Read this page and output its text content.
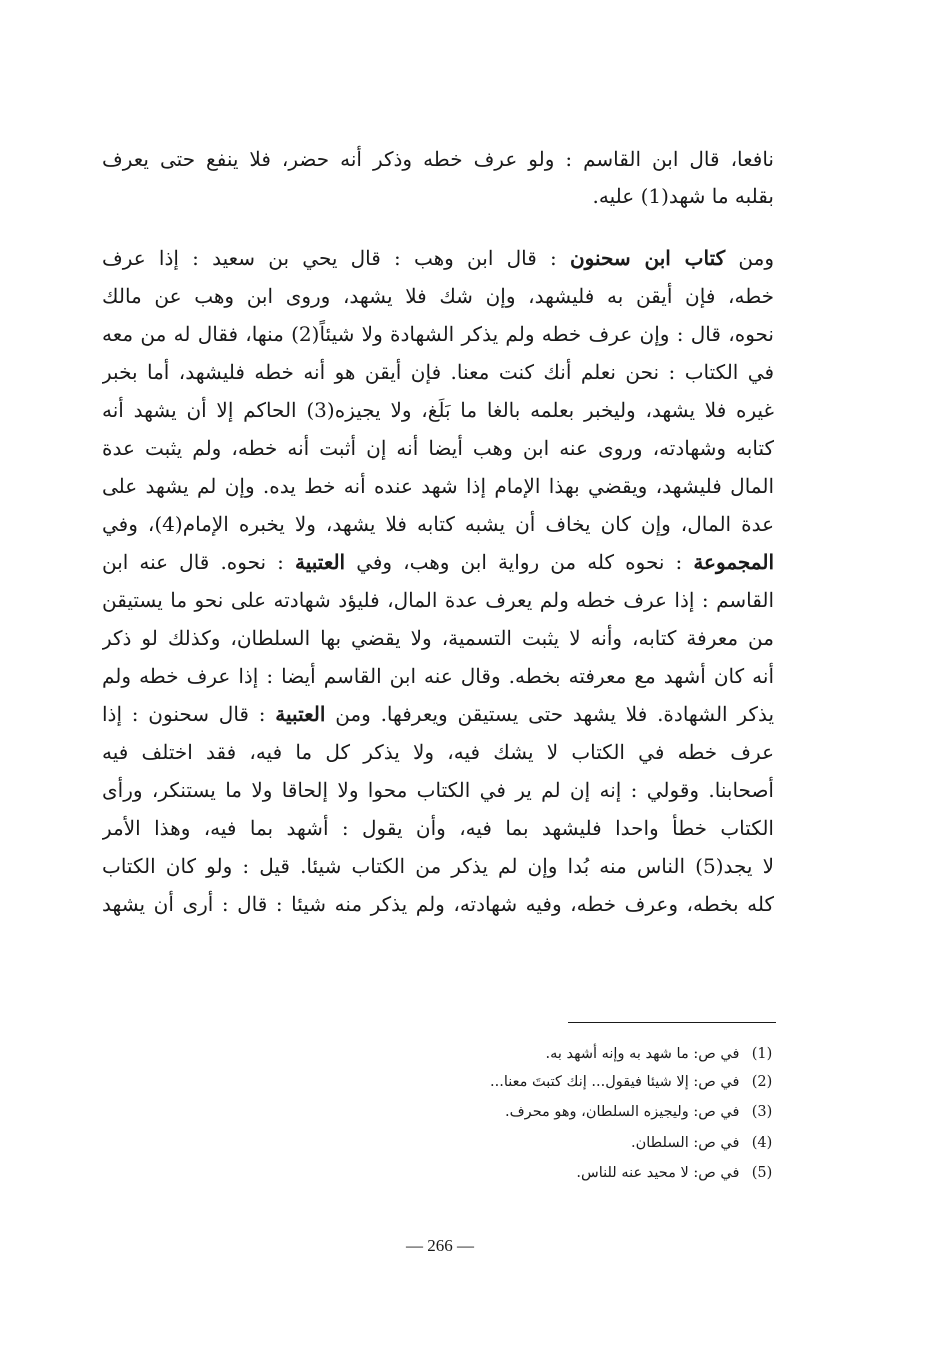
نافعا، قال ابن القاسم : ولو عرف خطه وذكر أنه حضر، فلا ينفع حتى يعرف
بقلبه ما شهد(1) عليه.
ومن كتاب ابن سحنون : قال ابن وهب : قال يحي بن سعيد : إذا عرف
خطه، فإن أيقن به فليشهد، وإن شك فلا يشهد، وروى ابن وهب عن مالك
نحوه، قال : وإن عرف خطه ولم يذكر الشهادة ولا شيئاً(2) منها، فقال له من معه
في الكتاب : نحن نعلم أنك كنت معنا. فإن أيقن هو أنه خطه فليشهد، أما بخبر
غيره فلا يشهد، وليخبر بعلمه بالغا ما بَلَغ، ولا يجيزه(3) الحاكم إلا أن يشهد أنه
كتابه وشهادته، وروى عنه ابن وهب أيضا أنه إن أثبت أنه خطه، ولم يثبت عدة
المال فليشهد، ويقضي بهذا الإمام إذا شهد عنده أنه خط يده. وإن لم يشهد على
عدة المال، وإن كان يخاف أن يشبه كتابه فلا يشهد، ولا يخبره الإمام(4)، وفي
المجموعة : نحوه كله من رواية ابن وهب، وفي العتبية : نحوه. قال عنه ابن
القاسم : إذا عرف خطه ولم يعرف عدة المال، فليؤد شهادته على نحو ما يستيقن
من معرفة كتابه، وأنه لا يثبت التسمية، ولا يقضي بها السلطان، وكذلك لو ذكر
أنه كان أشهد مع معرفته بخطه. وقال عنه ابن القاسم أيضا : إذا عرف خطه ولم
يذكر الشهادة. فلا يشهد حتى يستيقن ويعرفها. ومن العتبية : قال سحنون : إذا
عرف خطه في الكتاب لا يشك فيه، ولا يذكر كل ما فيه، فقد اختلف فيه
أصحابنا. وقولي : إنه إن لم ير في الكتاب محوا ولا إلحاقا ولا ما يستنكر، ورأى
الكتاب خطأ واحدا فليشهد بما فيه، وأن يقول : أشهد بما فيه، وهذا الأمر
لا يجد(5) الناس منه بُدا وإن لم يذكر من الكتاب شيئا. قيل : ولو كان الكتاب
كله بخطه، وعرف خطه، وفيه شهادته، ولم يذكر منه شيئا : قال : أرى أن يشهد
(1) في ص: ما شهد به وإنه أشهد به.
(2) في ص: إلا شيئا فيقول... إنك كتبتَ معنا...
(3) في ص: وليجيزه السلطان، وهو محرف.
(4) في ص: السلطان.
(5) في ص: لا محيد عنه للناس.
— 266 —
